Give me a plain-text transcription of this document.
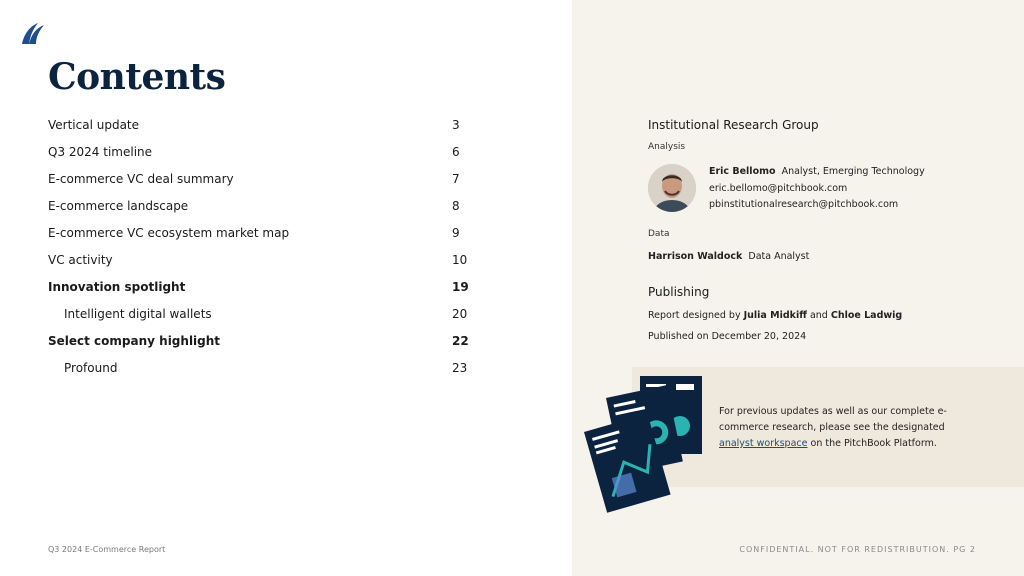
Contents
Vertical update	3
Q3 2024 timeline	6
E-commerce VC deal summary	7
E-commerce landscape	8
E-commerce VC ecosystem market map	9
VC activity	10
Innovation spotlight	19
Intelligent digital wallets	20
Select company highlight	22
Profound	23
Q3 2024 E-Commerce Report	CONFIDENTIAL. NOT FOR REDISTRIBUTION. PG 2
Institutional Research Group
Analysis
Eric Bellomo Analyst, Emerging Technology
eric.bellomo@pitchbook.com
pbinstitutionalresearch@pitchbook.com
Data
Harrison Waldock Data Analyst
Publishing
Report designed by Julia Midkiff and Chloe Ladwig
Published on December 20, 2024
For previous updates as well as our complete e-commerce research, please see the designated analyst workspace on the PitchBook Platform.
